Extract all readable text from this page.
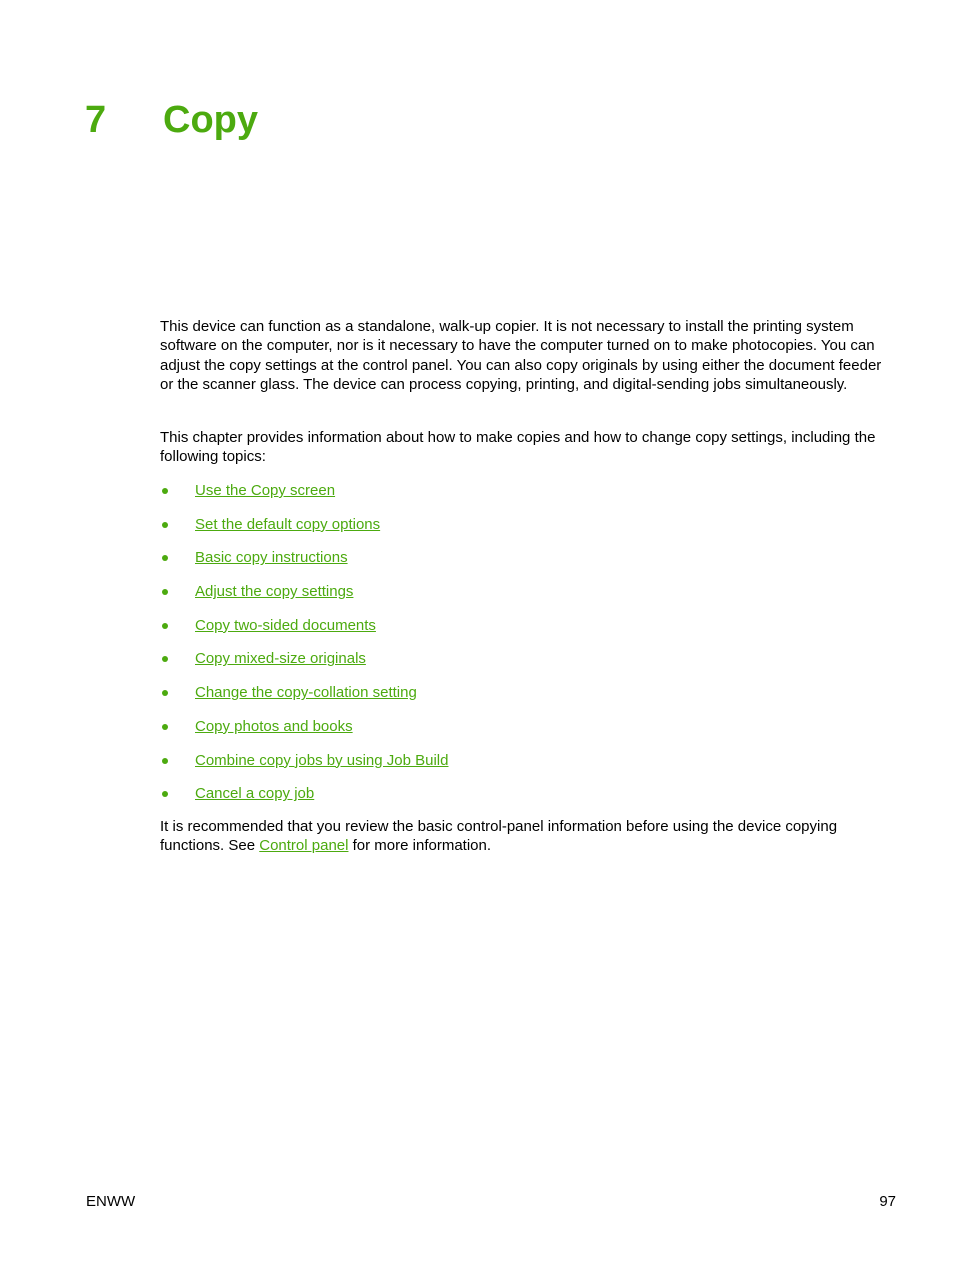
7 Copy

This device can function as a standalone, walk-up copier. It is not necessary to install the printing system software on the computer, nor is it necessary to have the computer turned on to make photocopies. You can adjust the copy settings at the control panel. You can also copy originals by using either the document feeder or the scanner glass. The device can process copying, printing, and digital-sending jobs simultaneously.

This chapter provides information about how to make copies and how to change copy settings, including the following topics:

Use the Copy screen
Set the default copy options
Basic copy instructions
Adjust the copy settings
Copy two-sided documents
Copy mixed-size originals
Change the copy-collation setting
Copy photos and books
Combine copy jobs by using Job Build
Cancel a copy job

It is recommended that you review the basic control-panel information before using the device copying functions. See Control panel for more information.

ENWW	97
